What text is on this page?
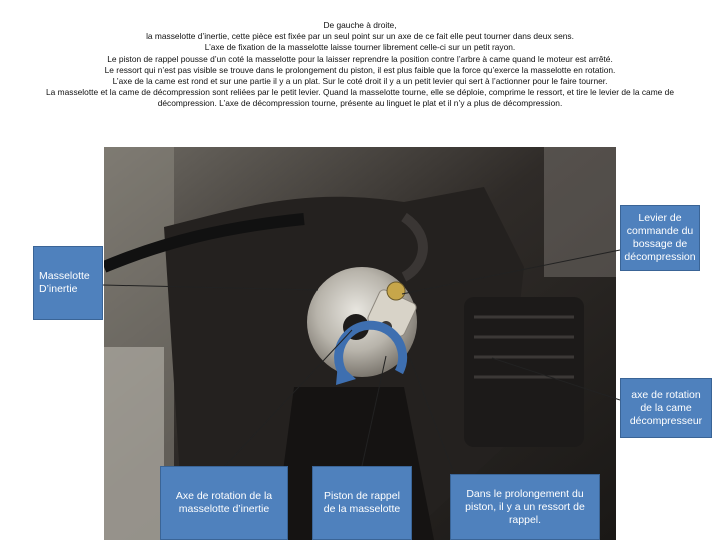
De gauche à droite,

la masselotte d’inertie, cette pièce est fixée par un seul point sur un axe de ce fait elle peut tourner dans deux sens.

L’axe de fixation de la masselotte laisse tourner librement celle-ci sur un petit rayon.

Le piston de rappel pousse d’un coté la masselotte pour la laisser reprendre la position contre l’arbre à came quand le moteur est arrêté.

Le ressort qui n’est pas visible se trouve dans le prolongement du piston, il est plus faible que la force qu’exerce la masselotte en rotation.

L’axe de la came est rond et sur une partie il y a un plat. Sur le coté droit il y a un petit levier qui sert à l’actionner pour le faire tourner.

La masselotte et la came de décompression sont reliées par le petit levier. Quand la masselotte tourne, elle se déploie, comprime le ressort, et tire le levier de la came de décompression. L’axe de décompression tourne, présente au linguet le plat et il n’y a plus de décompression.

Levier de commande du bossage de décompression
Masselotte D’inertie
axe de rotation de la came décompresseur
Axe de rotation de la masselotte d’inertie
Piston de rappel de la masselotte
Dans le prolongement du piston, il y a un ressort de rappel.
